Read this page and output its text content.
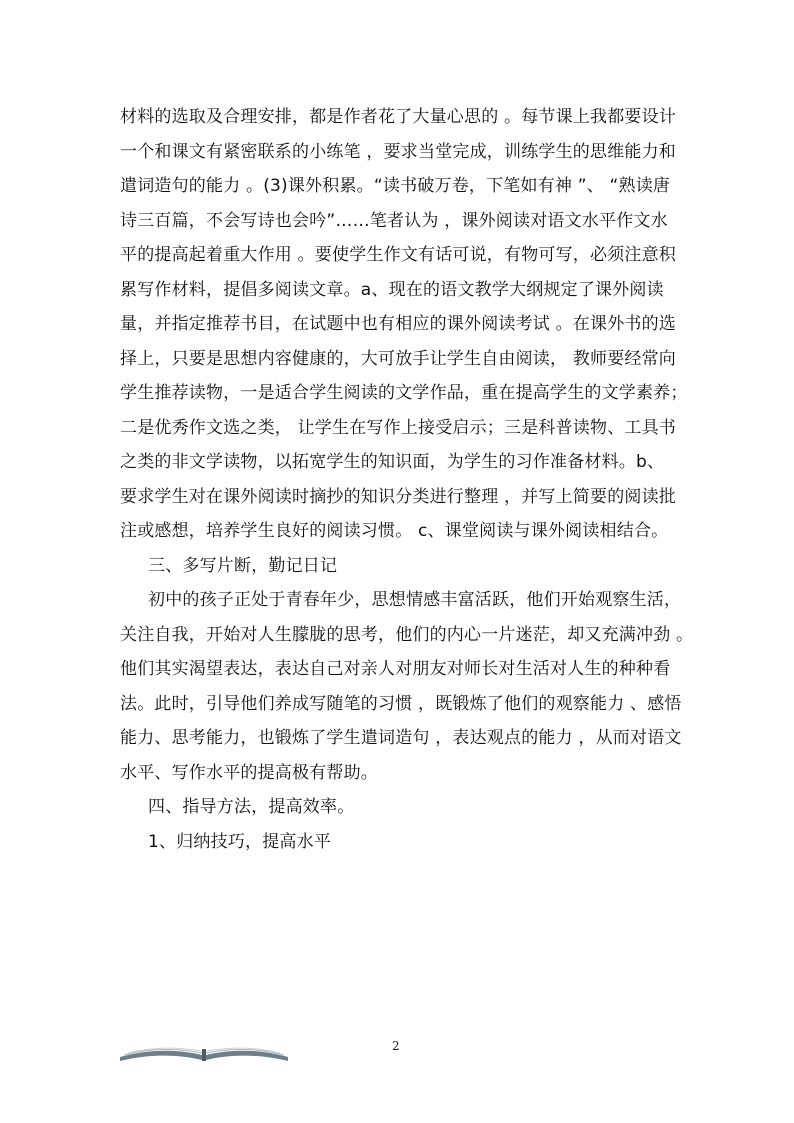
材料的选取及合理安排，都是作者花了大量心思的 。每节课上我都要设计
一个和课文有紧密联系的小练笔 ，要求当堂完成，训练学生的思维能力和
遣词造句的能力 。(3)课外积累。“读书破万卷，下笔如有神 ”、 “熟读唐
诗三百篇，不会写诗也会吟”……笔者认为 ，课外阅读对语文水平作文水
平的提高起着重大作用 。要使学生作文有话可说，有物可写，必须注意积
累写作材料，提倡多阅读文章。a、现在的语文教学大纲规定了课外阅读
量，并指定推荐书目，在试题中也有相应的课外阅读考试 。在课外书的选
择上，只要是思想内容健康的，大可放手让学生自由阅读， 教师要经常向
学生推荐读物，一是适合学生阅读的文学作品，重在提高学生的文学素养；
二是优秀作文选之类， 让学生在写作上接受启示；三是科普读物、工具书
之类的非文学读物，以拓宽学生的知识面，为学生的习作准备材料。b、
要求学生对在课外阅读时摘抄的知识分类进行整理 ，并写上简要的阅读批
注或感想，培养学生良好的阅读习惯。 c、课堂阅读与课外阅读相结合。
三、多写片断，勤记日记
初中的孩子正处于青春年少，思想情感丰富活跃，他们开始观察生活，
关注自我，开始对人生朦胧的思考，他们的内心一片迷茫，却又充满冲劲 。
他们其实渴望表达，表达自己对亲人对朋友对师长对生活对人生的种种看
法。此时，引导他们养成写随笔的习惯 ，既锻炼了他们的观察能力 、感悟
能力、思考能力，也锻炼了学生遣词造句 ，表达观点的能力 ，从而对语文
水平、写作水平的提高极有帮助。
四、指导方法，提高效率。
1、归纳技巧，提高水平
2
